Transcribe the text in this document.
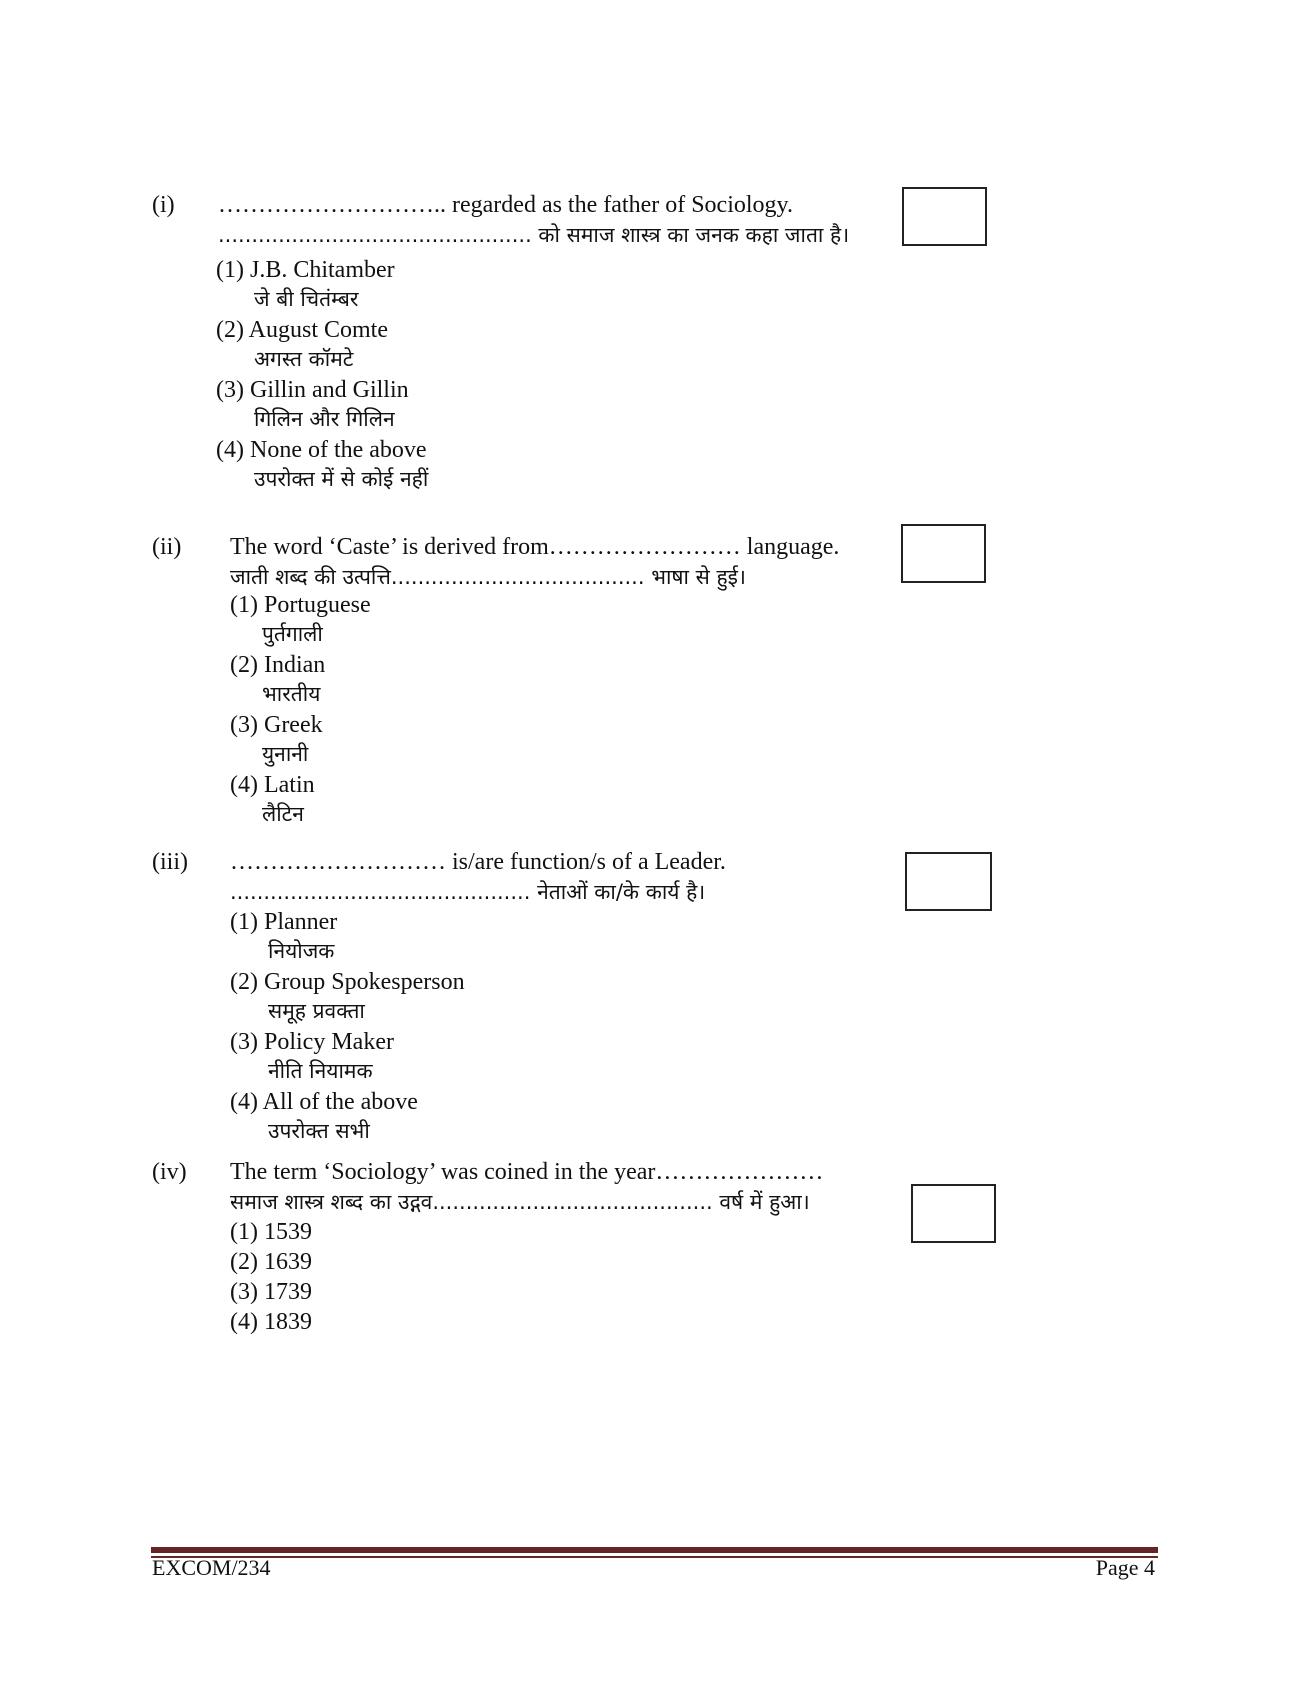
(i) ……………………….. regarded as the father of Sociology.
............................................... को समाज शास्त्र का जनक कहा जाता है।
(1) J.B. Chitamber
जे बी चितंम्बर
(2) August Comte
अगस्त कॉमटे
(3) Gillin and Gillin
गिलिन और गिलिन
(4) None of the above
उपरोक्त में से कोई नहीं
(ii) The word ‘Caste’ is derived from…………………… language.
जाती शब्द की उत्पत्ति...................................... भाषा से हुई।
(1) Portuguese
पुर्तगाली
(2) Indian
भारतीय
(3) Greek
युनानी
(4) Latin
लैटिन
(iii) ……………………… is/are function/s of a Leader.
............................................. नेताओं का/के कार्य है।
(1) Planner
नियोजक
(2) Group Spokesperson
समूह प्रवक्ता
(3) Policy Maker
नीति नियामक
(4) All of the above
उपरोक्त सभी
(iv) The term ‘Sociology’ was coined in the year…………………
समाज शास्त्र शब्द का उद्गव.......................................... वर्ष में हुआ।
(1) 1539
(2) 1639
(3) 1739
(4) 1839
EXCOM/234	Page 4
